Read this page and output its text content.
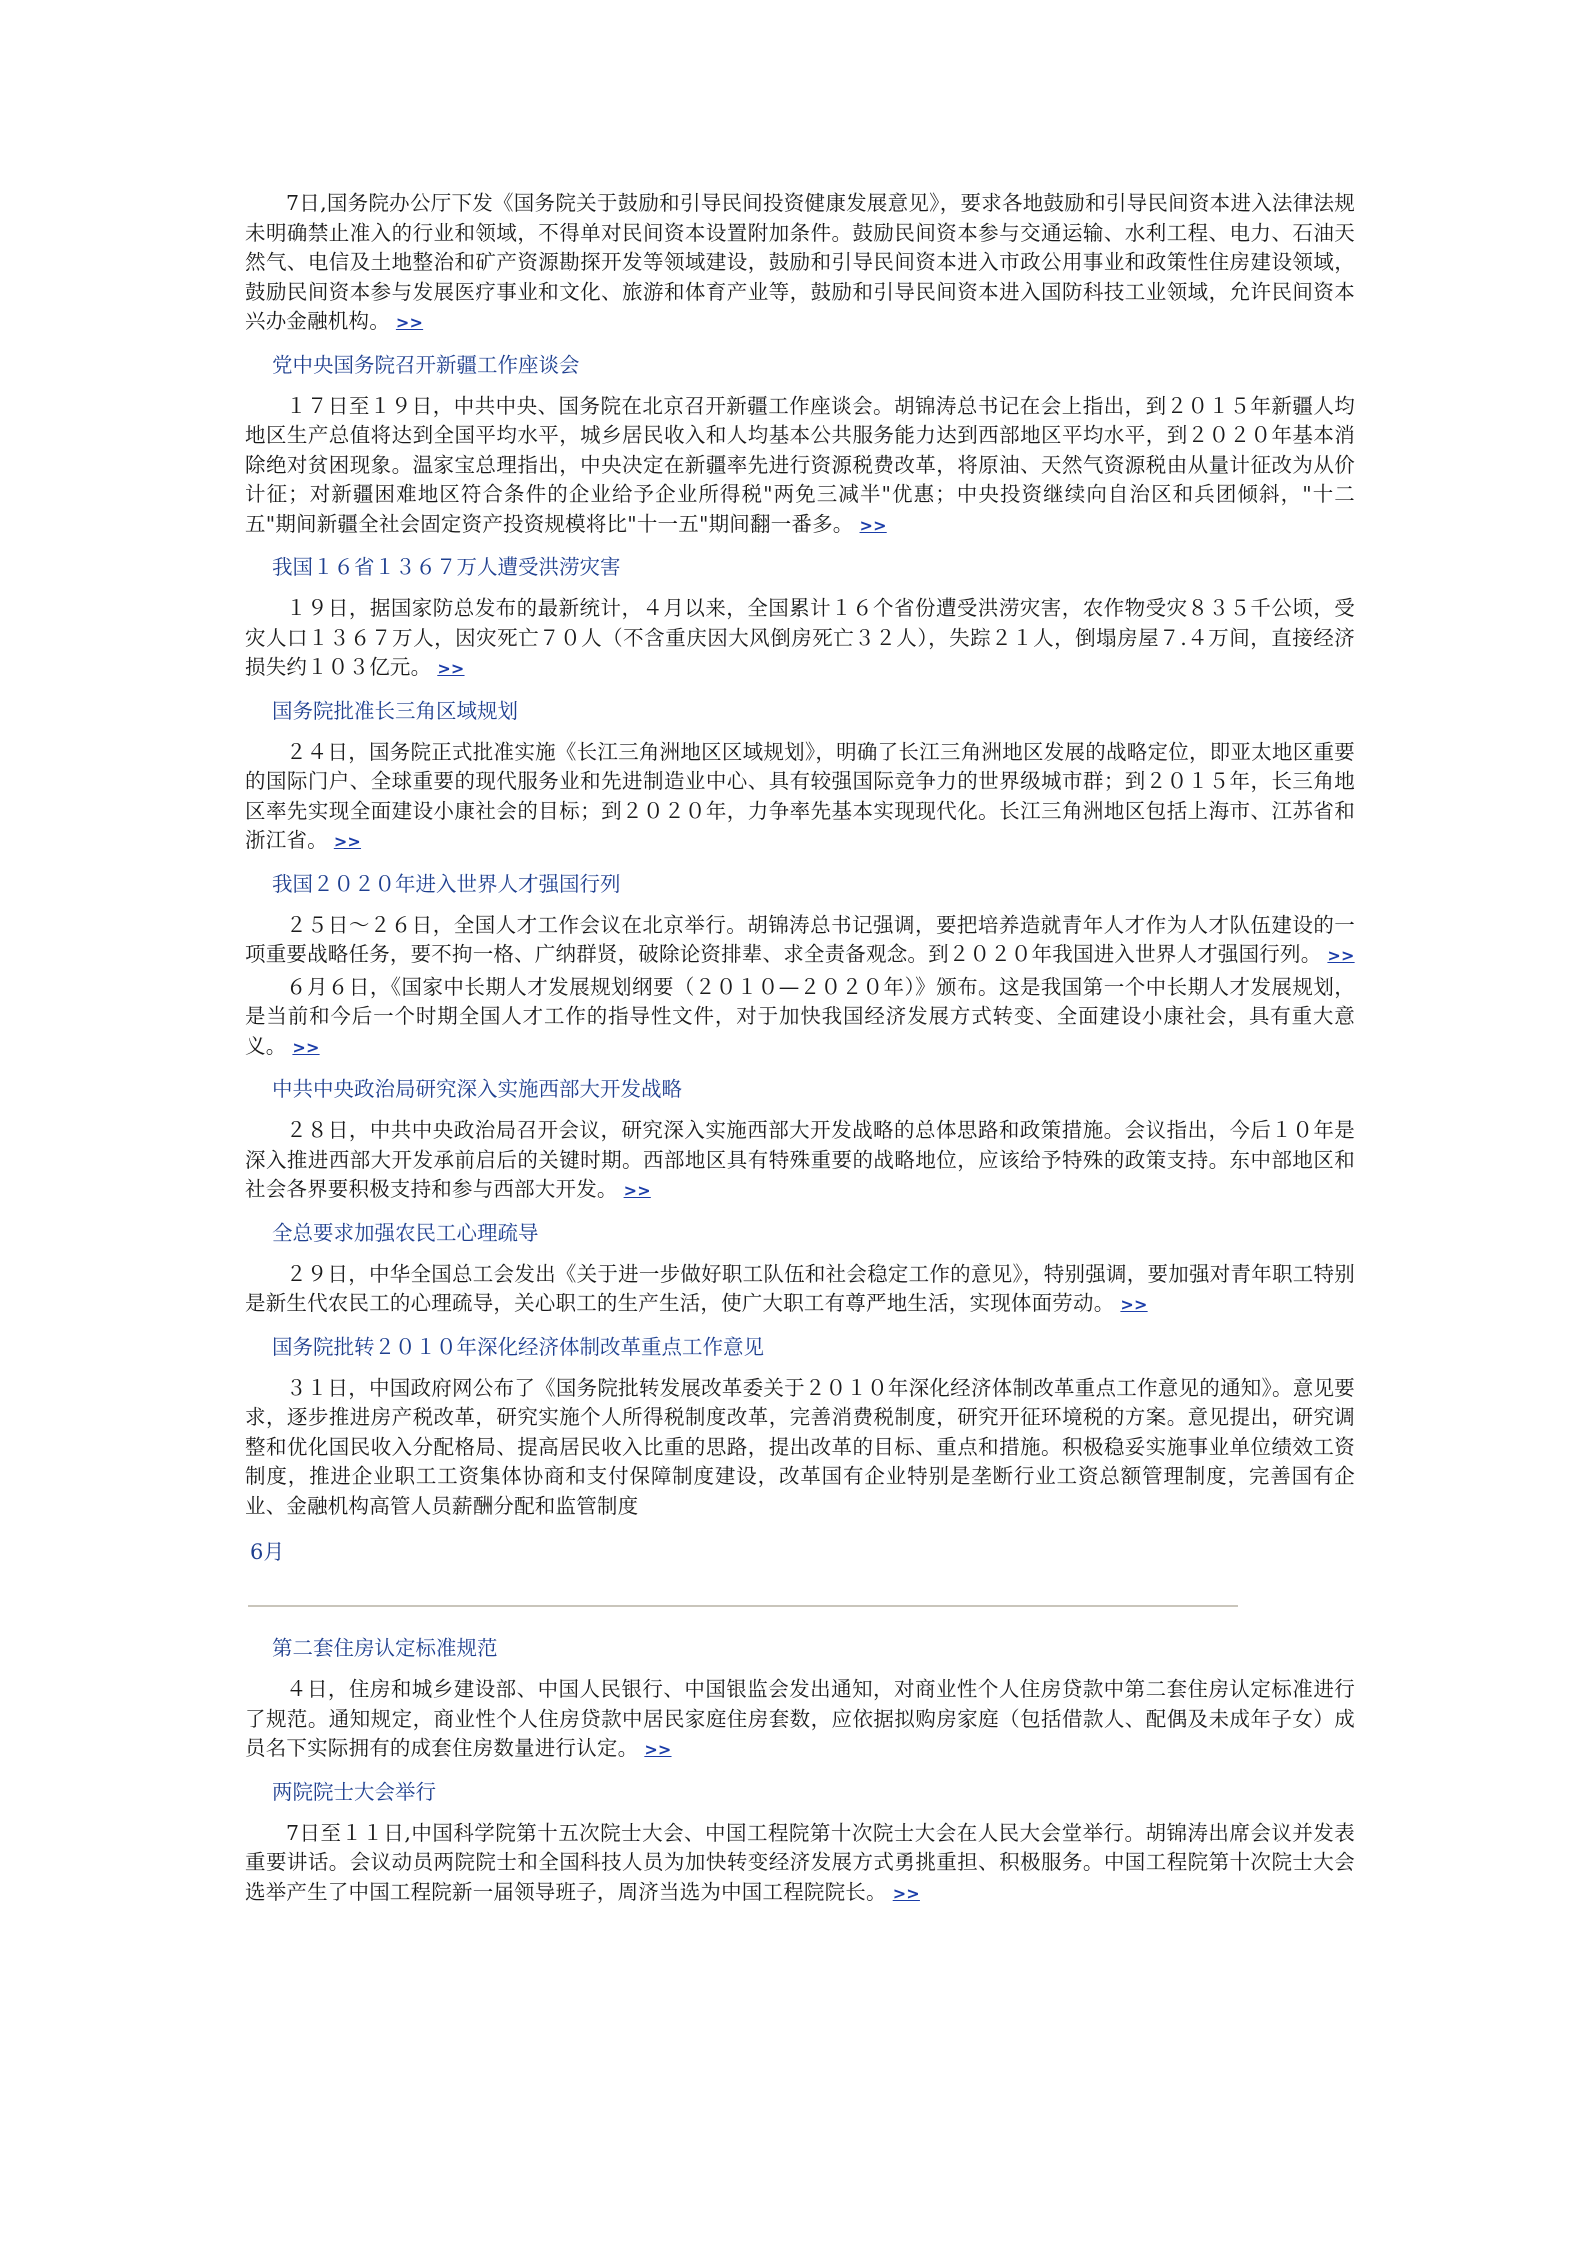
7日,国务院办公厅下发《国务院关于鼓励和引导民间投资健康发展意见》，要求各地鼓励和引导民间资本进入法律法规未明确禁止准入的行业和领域，不得单对民间资本设置附加条件。鼓励民间资本参与交通运输、水利工程、电力、石油天然气、电信及土地整治和矿产资源勘探开发等领域建设，鼓励和引导民间资本进入市政公用事业和政策性住房建设领域，鼓励民间资本参与发展医疗事业和文化、旅游和体育产业等，鼓励和引导民间资本进入国防科技工业领域，允许民间资本兴办金融机构。 >>

党中央国务院召开新疆工作座谈会

１７日至１９日，中共中央、国务院在北京召开新疆工作座谈会。胡锦涛总书记在会上指出，到２０１５年新疆人均地区生产总值将达到全国平均水平，城乡居民收入和人均基本公共服务能力达到西部地区平均水平，到２０２０年基本消除绝对贫困现象。温家宝总理指出，中央决定在新疆率先进行资源税费改革，将原油、天然气资源税由从量计征改为从价计征；对新疆困难地区符合条件的企业给予企业所得税"两免三减半"优惠；中央投资继续向自治区和兵团倾斜，"十二五"期间新疆全社会固定资产投资规模将比"十一五"期间翻一番多。 >>

我国１６省１３６７万人遭受洪涝灾害

１９日，据国家防总发布的最新统计，４月以来，全国累计１６个省份遭受洪涝灾害，农作物受灾８３５千公顷，受灾人口１３６７万人，因灾死亡７０人（不含重庆因大风倒房死亡３２人），失踪２１人，倒塌房屋７.４万间，直接经济损失约１０３亿元。 >>

国务院批准长三角区域规划

２４日，国务院正式批准实施《长江三角洲地区区域规划》，明确了长江三角洲地区发展的战略定位，即亚太地区重要的国际门户、全球重要的现代服务业和先进制造业中心、具有较强国际竞争力的世界级城市群；到２０１５年，长三角地区率先实现全面建设小康社会的目标；到２０２０年，力争率先基本实现现代化。长江三角洲地区包括上海市、江苏省和浙江省。 >>

我国２０２０年进入世界人才强国行列

２５日～２６日，全国人才工作会议在北京举行。胡锦涛总书记强调，要把培养造就青年人才作为人才队伍建设的一项重要战略任务，要不拘一格、广纳群贤，破除论资排辈、求全责备观念。到２０２０年我国进入世界人才强国行列。 >>

６月６日，《国家中长期人才发展规划纲要（２０１０—２０２０年）》颁布。这是我国第一个中长期人才发展规划，是当前和今后一个时期全国人才工作的指导性文件，对于加快我国经济发展方式转变、全面建设小康社会，具有重大意义。 >>

中共中央政治局研究深入实施西部大开发战略

２８日，中共中央政治局召开会议，研究深入实施西部大开发战略的总体思路和政策措施。会议指出，今后１０年是深入推进西部大开发承前启后的关键时期。西部地区具有特殊重要的战略地位，应该给予特殊的政策支持。东中部地区和社会各界要积极支持和参与西部大开发。 >>

全总要求加强农民工心理疏导

２９日，中华全国总工会发出《关于进一步做好职工队伍和社会稳定工作的意见》，特别强调，要加强对青年职工特别是新生代农民工的心理疏导，关心职工的生产生活，使广大职工有尊严地生活，实现体面劳动。 >>

国务院批转２０１０年深化经济体制改革重点工作意见

３１日，中国政府网公布了《国务院批转发展改革委关于２０１０年深化经济体制改革重点工作意见的通知》。意见要求，逐步推进房产税改革，研究实施个人所得税制度改革，完善消费税制度，研究开征环境税的方案。意见提出，研究调整和优化国民收入分配格局、提高居民收入比重的思路，提出改革的目标、重点和措施。积极稳妥实施事业单位绩效工资制度，推进企业职工工资集体协商和支付保障制度建设，改革国有企业特别是垄断行业工资总额管理制度，完善国有企业、金融机构高管人员薪酬分配和监管制度

6月
第二套住房认定标准规范

４日，住房和城乡建设部、中国人民银行、中国银监会发出通知，对商业性个人住房贷款中第二套住房认定标准进行了规范。通知规定，商业性个人住房贷款中居民家庭住房套数，应依据拟购房家庭（包括借款人、配偶及未成年子女）成员名下实际拥有的成套住房数量进行认定。 >>

两院院士大会举行

7日至１１日,中国科学院第十五次院士大会、中国工程院第十次院士大会在人民大会堂举行。胡锦涛出席会议并发表重要讲话。会议动员两院院士和全国科技人员为加快转变经济发展方式勇挑重担、积极服务。中国工程院第十次院士大会选举产生了中国工程院新一届领导班子，周济当选为中国工程院院长。 >>
